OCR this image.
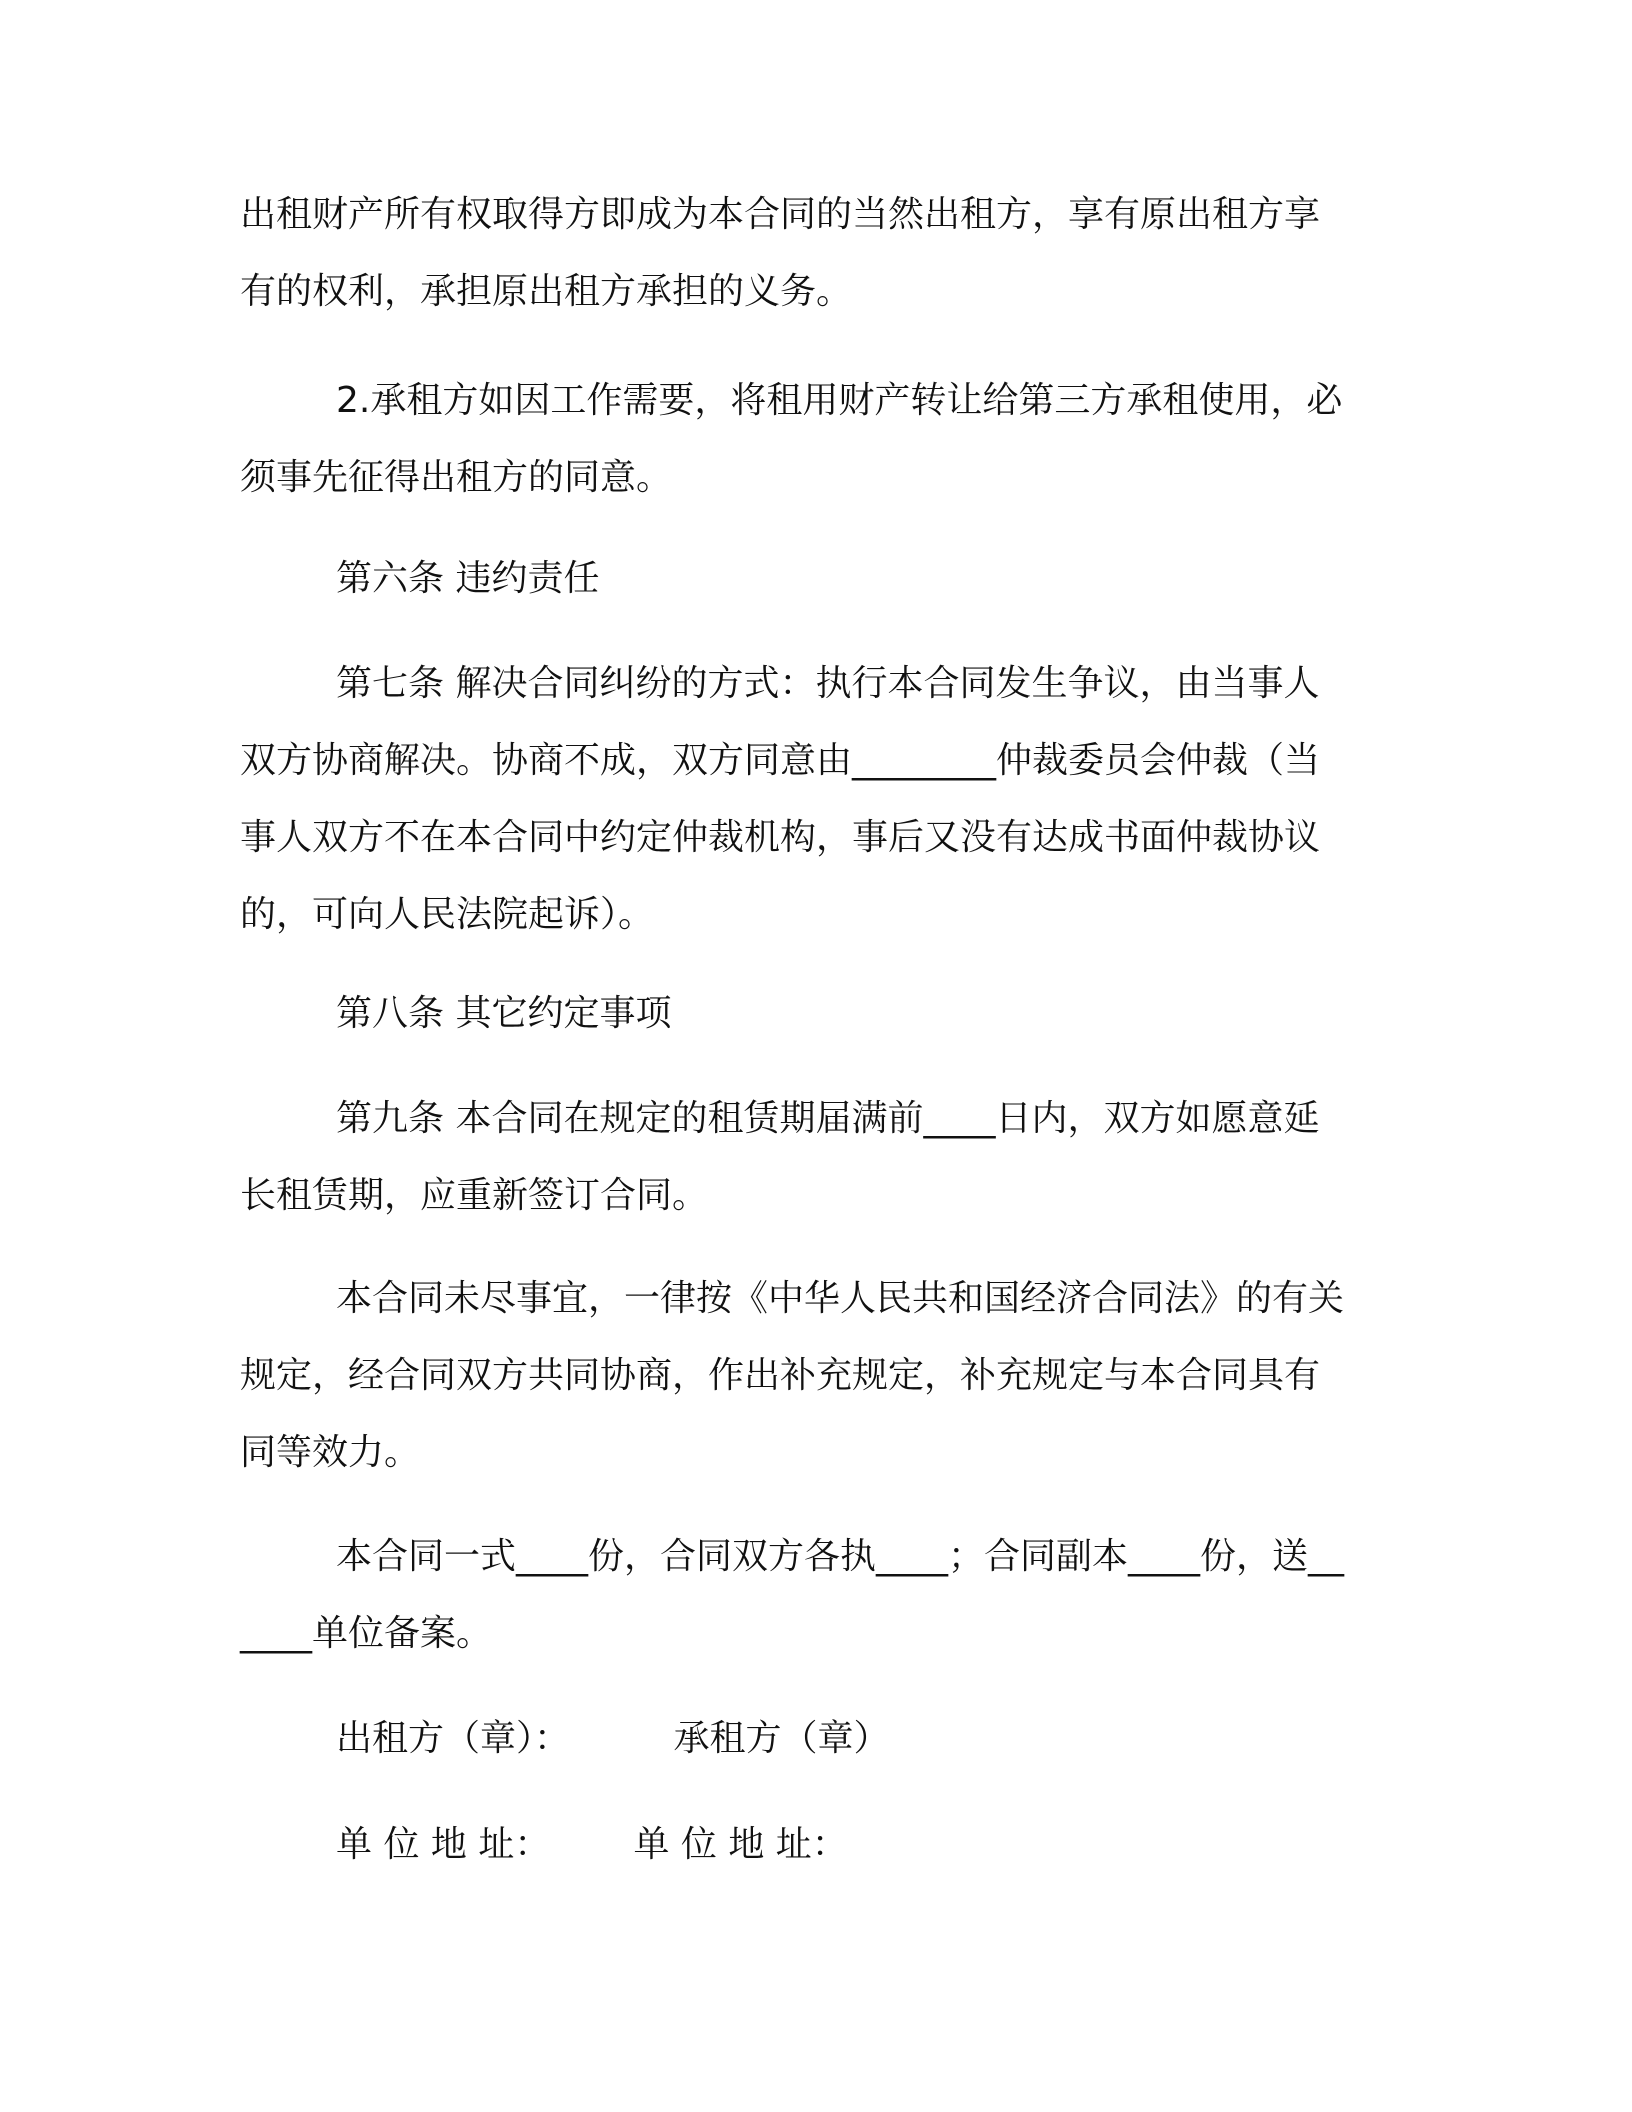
出租财产所有权取得方即成为本合同的当然出租方，享有原出租方享
有的权利，承担原出租方承担的义务。

2.承租方如因工作需要，将租用财产转让给第三方承租使用，必
须事先征得出租方的同意。

第六条 违约责任

第七条 解决合同纠纷的方式：执行本合同发生争议，由当事人
双方协商解决。协商不成，双方同意由________仲裁委员会仲裁（当
事人双方不在本合同中约定仲裁机构，事后又没有达成书面仲裁协议
的，可向人民法院起诉）。

第八条 其它约定事项

第九条 本合同在规定的租赁期届满前____日内，双方如愿意延
长租赁期，应重新签订合同。

本合同未尽事宜，一律按《中华人民共和国经济合同法》的有关
规定，经合同双方共同协商，作出补充规定，补充规定与本合同具有
同等效力。

本合同一式____份，合同双方各执____；合同副本____份，送__
____单位备案。

出租方（章）：	承租方（章）
单 位 地 址： 单 位 地 址：
